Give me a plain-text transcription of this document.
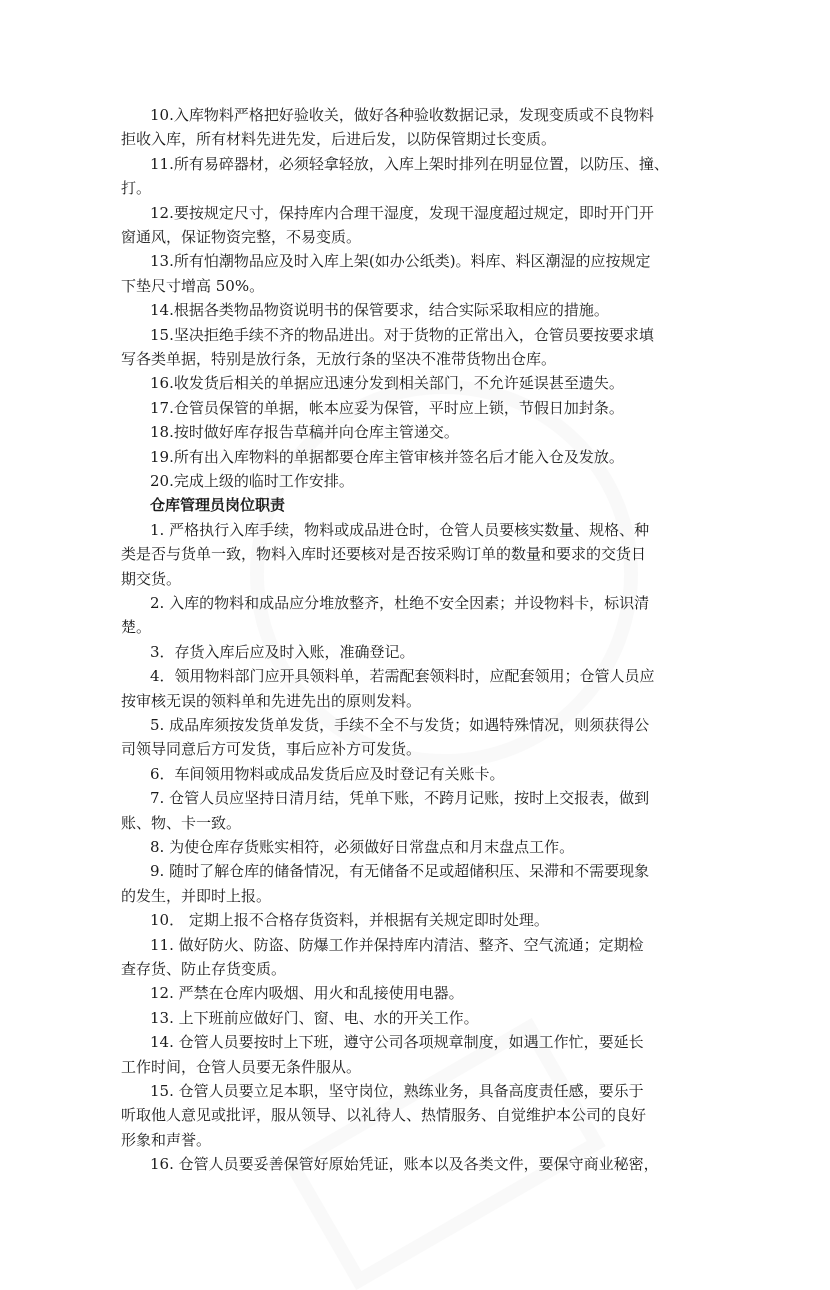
10.入库物料严格把好验收关，做好各种验收数据记录，发现变质或不良物料
拒收入库，所有材料先进先发，后进后发，以防保管期过长变质。
11.所有易碎器材，必须轻拿轻放，入库上架时排列在明显位置，以防压、撞、
打。
12.要按规定尺寸，保持库内合理干湿度，发现干湿度超过规定，即时开门开
窗通风，保证物资完整，不易变质。
13.所有怕潮物品应及时入库上架(如办公纸类)。料库、料区潮湿的应按规定
下垫尺寸增高 50%。
14.根据各类物品物资说明书的保管要求，结合实际采取相应的措施。
15.坚决拒绝手续不齐的物品进出。对于货物的正常出入，仓管员要按要求填
写各类单据，特别是放行条，无放行条的坚决不准带货物出仓库。
16.收发货后相关的单据应迅速分发到相关部门，不允许延误甚至遗失。
17.仓管员保管的单据，帐本应妥为保管，平时应上锁，节假日加封条。
18.按时做好库存报告草稿并向仓库主管递交。
19.所有出入库物料的单据都要仓库主管审核并签名后才能入仓及发放。
20.完成上级的临时工作安排。
仓库管理员岗位职责
1. 严格执行入库手续，物料或成品进仓时，仓管人员要核实数量、规格、种
类是否与货单一致，物料入库时还要核对是否按采购订单的数量和要求的交货日
期交货。
2. 入库的物料和成品应分堆放整齐，杜绝不安全因素；并设物料卡，标识清
楚。
3．存货入库后应及时入账，准确登记。
4．领用物料部门应开具领料单，若需配套领料时，应配套领用；仓管人员应
按审核无误的领料单和先进先出的原则发料。
5. 成品库须按发货单发货，手续不全不与发货；如遇特殊情况，则须获得公
司领导同意后方可发货，事后应补方可发货。
6．车间领用物料或成品发货后应及时登记有关账卡。
7. 仓管人员应坚持日清月结，凭单下账，不跨月记账，按时上交报表，做到
账、物、卡一致。
8. 为使仓库存货账实相符，必须做好日常盘点和月末盘点工作。
9. 随时了解仓库的储备情况，有无储备不足或超储积压、呆滞和不需要现象
的发生，并即时上报。
10． 定期上报不合格存货资料，并根据有关规定即时处理。
11. 做好防火、防盗、防爆工作并保持库内清洁、整齐、空气流通；定期检
查存货、防止存货变质。
12. 严禁在仓库内吸烟、用火和乱接使用电器。
13. 上下班前应做好门、窗、电、水的开关工作。
14. 仓管人员要按时上下班，遵守公司各项规章制度，如遇工作忙，要延长
工作时间，仓管人员要无条件服从。
15. 仓管人员要立足本职，坚守岗位，熟练业务，具备高度责任感，要乐于
听取他人意见或批评，服从领导、以礼待人、热情服务、自觉维护本公司的良好
形象和声誉。
16. 仓管人员要妥善保管好原始凭证，账本以及各类文件，要保守商业秘密，
